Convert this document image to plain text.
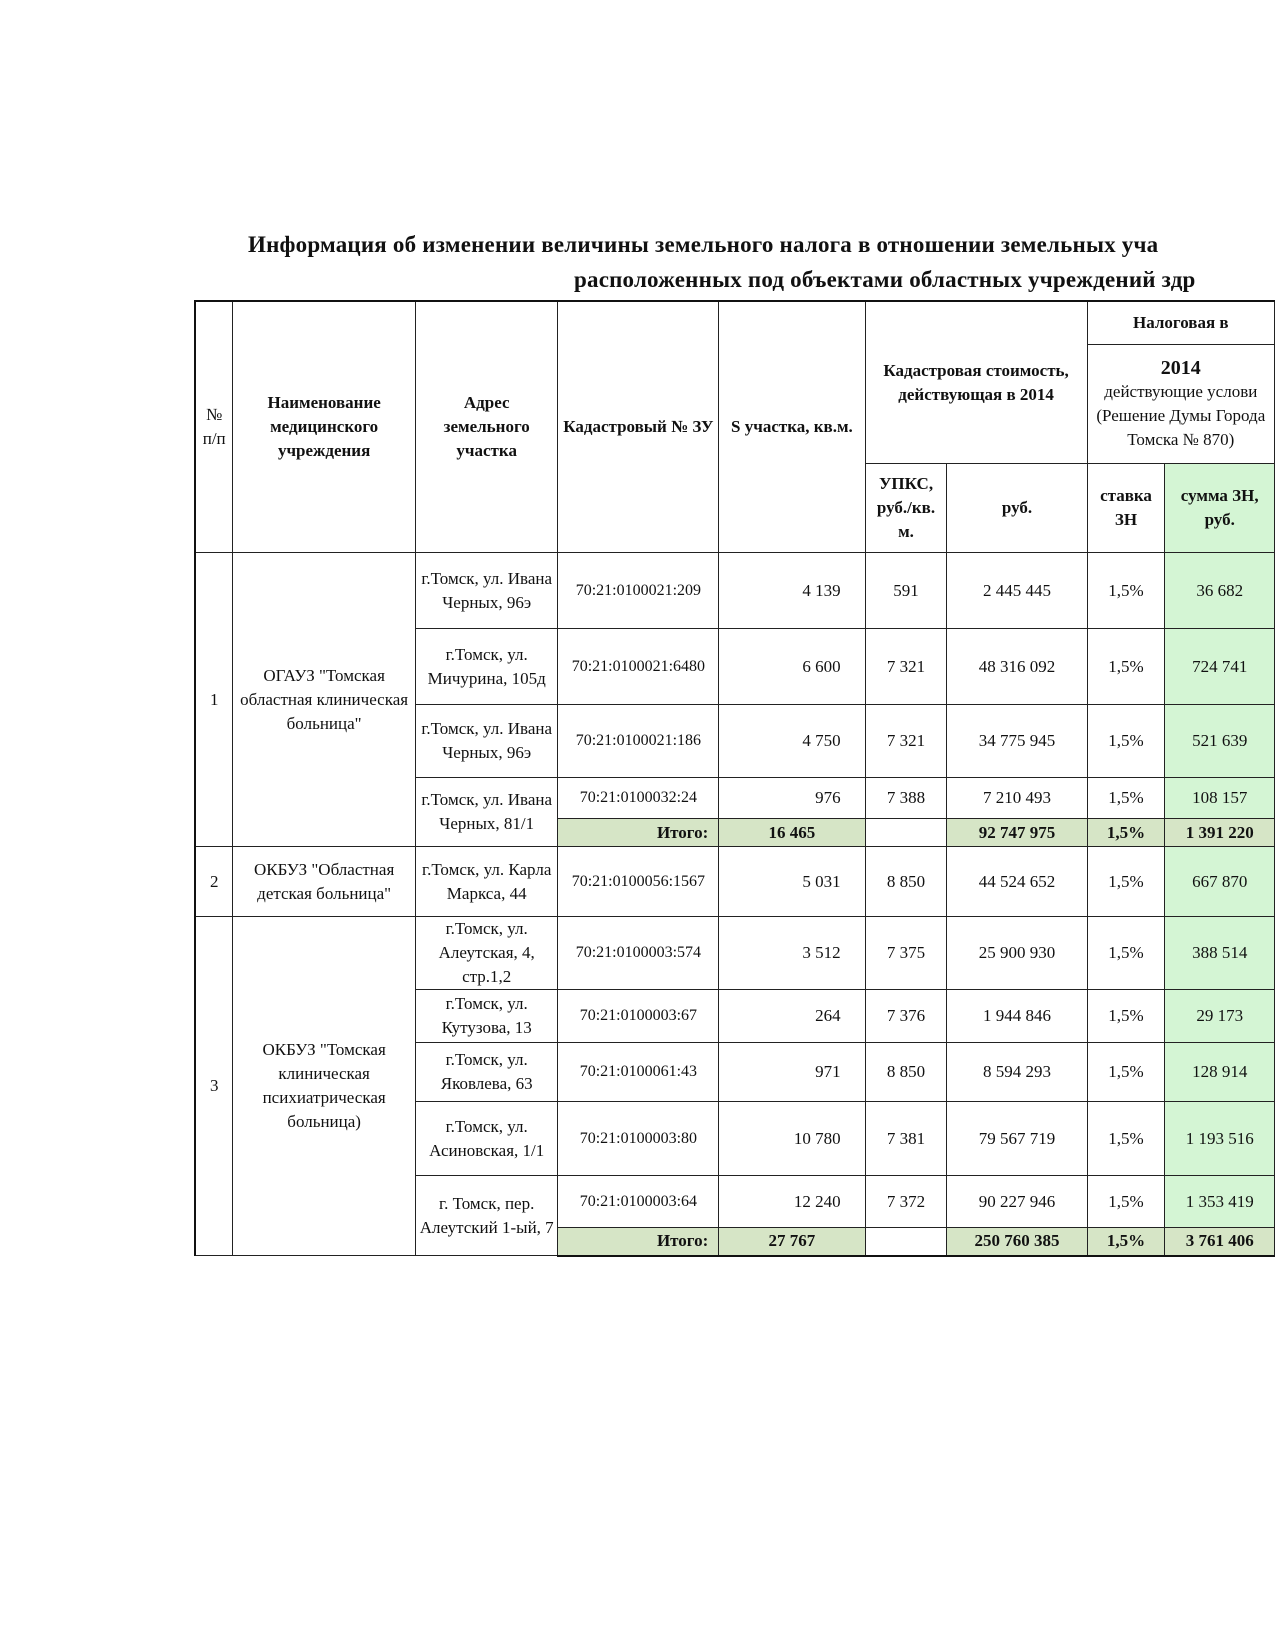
Информация об изменении величины земельного налога в отношении земельных уча
расположенных под объектами областных учреждений здр
№ п/п	Наименование медицинского учреждения	Адрес земельного участка	Кадастровый № ЗУ	S участка, кв.м.	Кадастровая стоимость, действующая в 2014		Налоговая в	

							2014
действующие услови (Решение Думы Города Томска № 870)	

					УПКС, руб./кв. м.	руб.	ставка ЗН	сумма ЗН, руб.
1	ОГАУЗ "Томская областная клиническая больница"	г.Томск, ул. Ивана Черных, 96э	70:21:0100021:209	4 139	591	2 445 445	1,5%	36 682
		г.Томск, ул. Мичурина, 105д	70:21:0100021:6480	6 600	7 321	48 316 092	1,5%	724 741
		г.Томск, ул. Ивана Черных, 96э	70:21:0100021:186	4 750	7 321	34 775 945	1,5%	521 639
		г.Томск, ул. Ивана Черных, 81/1	70:21:0100032:24	976	7 388	7 210 493	1,5%	108 157
			Итого:	16 465		92 747 975	1,5%	1 391 220
2	ОКБУЗ "Областная детская больница"	г.Томск, ул. Карла Маркса, 44	70:21:0100056:1567	5 031	8 850	44 524 652	1,5%	667 870
3	ОКБУЗ "Томская клиническая психиатрическая больница)	г.Томск, ул. Алеутская, 4, стр.1,2	70:21:0100003:574	3 512	7 375	25 900 930	1,5%	388 514
		г.Томск, ул. Кутузова, 13	70:21:0100003:67	264	7 376	1 944 846	1,5%	29 173
		г.Томск, ул. Яковлева, 63	70:21:0100061:43	971	8 850	8 594 293	1,5%	128 914
		г.Томск, ул. Асиновская, 1/1	70:21:0100003:80	10 780	7 381	79 567 719	1,5%	1 193 516
		г. Томск, пер. Алеутский 1-ый, 7	70:21:0100003:64	12 240	7 372	90 227 946	1,5%	1 353 419
			Итого:	27 767		250 760 385	1,5%	3 761 406
